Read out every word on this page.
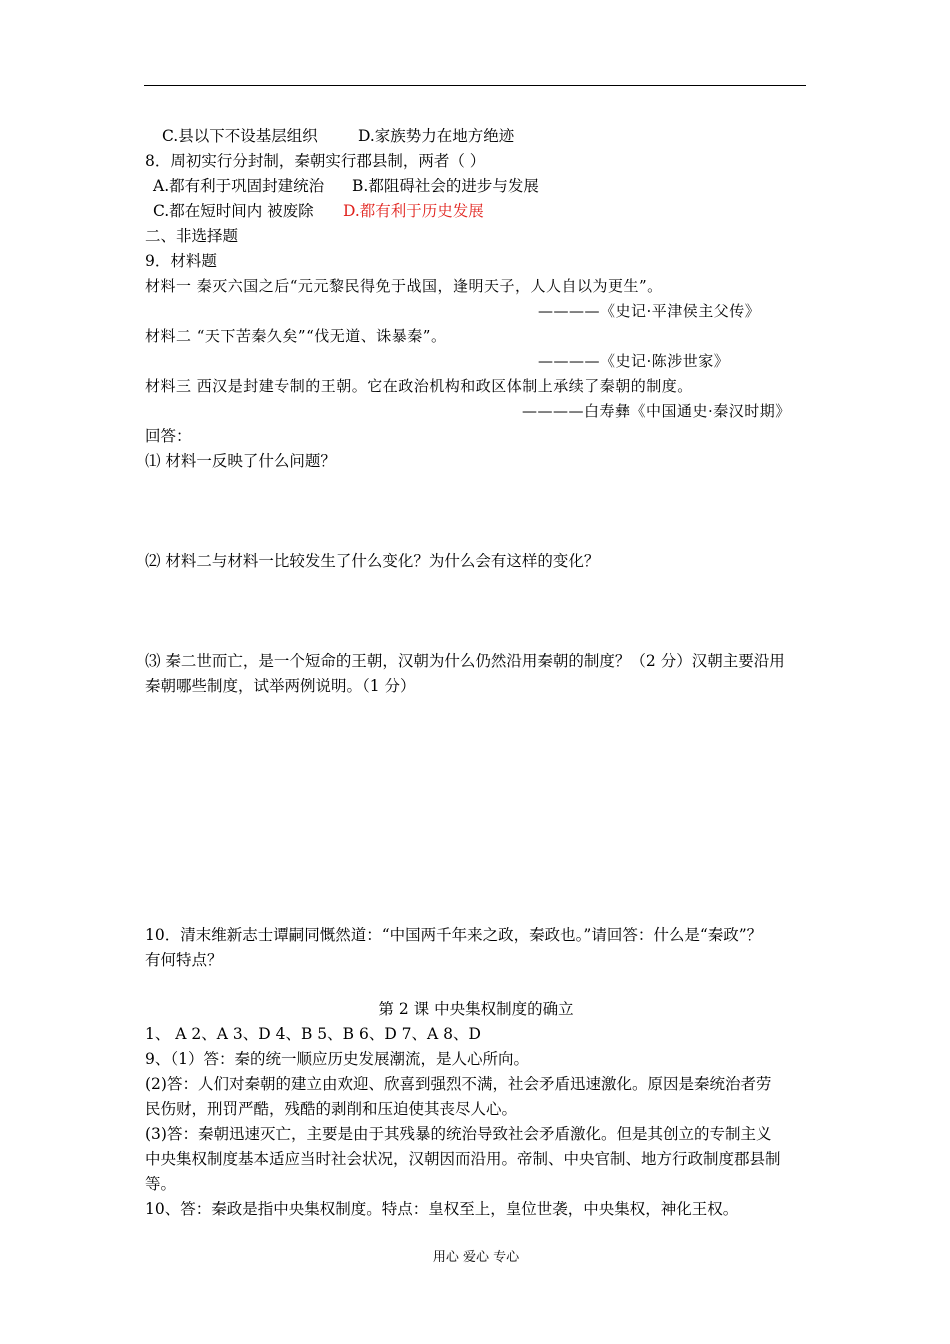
C.县以下不设基层组织	D.家族势力在地方绝迹
8．周初实行分封制，秦朝实行郡县制，两者（ ）
A.都有利于巩固封建统治 B.都阻碍社会的进步与发展
C.都在短时间内 被废除 D.都有利于历史发展
二、非选择题
9．材料题
材料一 秦灭六国之后“元元黎民得免于战国，逢明天子，人人自以为更生”。
————《史记·平津侯主父传》
材料二 “天下苦秦久矣”“伐无道、诛暴秦”。
————《史记·陈涉世家》
材料三 西汉是封建专制的王朝。它在政治机构和政区体制上承续了秦朝的制度。
————白寿彝《中国通史·秦汉时期》
回答：
⑴ 材料一反映了什么问题？
⑵ 材料二与材料一比较发生了什么变化？为什么会有这样的变化？
⑶ 秦二世而亡，是一个短命的王朝，汉朝为什么仍然沿用秦朝的制度？（2 分）汉朝主要沿用
秦朝哪些制度，试举两例说明。（1 分）
10．清末维新志士谭嗣同慨然道：“中国两千年来之政，秦政也。”请回答：什么是“秦政”？
有何特点？
第 2 课 中央集权制度的确立
1、 A 2、A 3、D 4、B 5、B 6、D 7、A 8、D
9、（1）答：秦的统一顺应历史发展潮流，是人心所向。
(2)答：人们对秦朝的建立由欢迎、欣喜到强烈不满，社会矛盾迅速激化。原因是秦统治者劳
民伤财，刑罚严酷，残酷的剥削和压迫使其丧尽人心。
(3)答：秦朝迅速灭亡，主要是由于其残暴的统治导致社会矛盾激化。但是其创立的专制主义
中央集权制度基本适应当时社会状况，汉朝因而沿用。帝制、中央官制、地方行政制度郡县制
等。
10、答：秦政是指中央集权制度。特点：皇权至上，皇位世袭，中央集权，神化王权。
用心 爱心 专心
